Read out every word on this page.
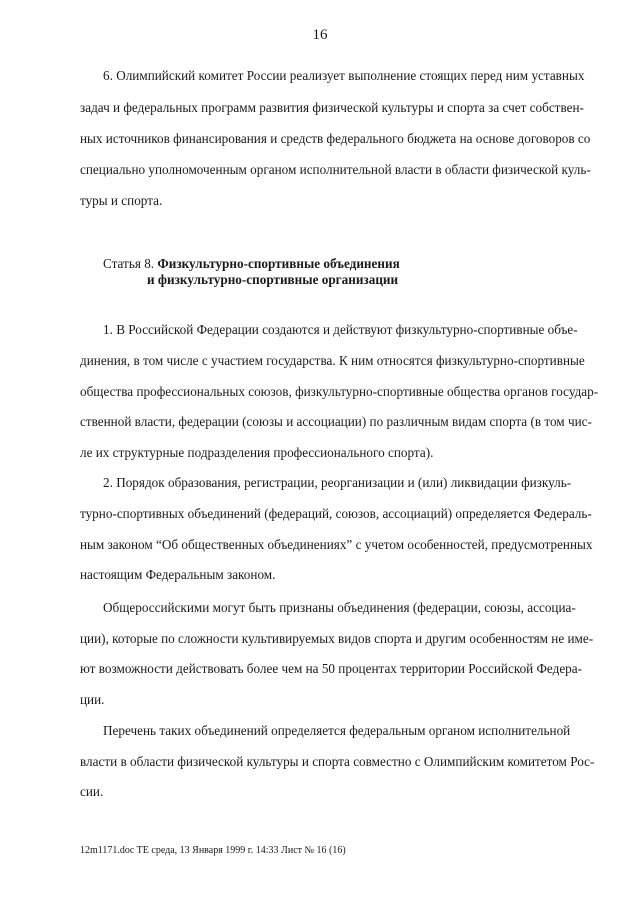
16
6. Олимпийский комитет России реализует выполнение стоящих перед ним уставных
задач и федеральных программ развития физической культуры и спорта за счет собствен-
ных источников финансирования и средств федерального бюджета на основе договоров со
специально уполномоченным органом исполнительной власти в области физической куль-
туры и спорта.
Статья 8. Физкультурно-спортивные объединения
и физкультурно-спортивные организации
1. В Российской Федерации создаются и действуют физкультурно-спортивные объе-
динения, в том числе с участием государства. К ним относятся физкультурно-спортивные
общества профессиональных союзов, физкультурно-спортивные общества органов государ-
ственной власти, федерации (союзы и ассоциации) по различным видам спорта (в том чис-
ле их структурные подразделения профессионального спорта).
2. Порядок образования, регистрации, реорганизации и (или) ликвидации физкуль-
турно-спортивных объединений (федераций, союзов, ассоциаций) определяется Федераль-
ным законом “Об общественных объединениях” с учетом особенностей, предусмотренных
настоящим Федеральным законом.
Общероссийскими могут быть признаны объединения (федерации, союзы, ассоциа-
ции), которые по сложности культивируемых видов спорта и другим особенностям не име-
ют возможности действовать более чем на 50 процентах территории Российской Федера-
ции.
Перечень таких объединений определяется федеральным органом исполнительной
власти в области физической культуры и спорта совместно с Олимпийским комитетом Рос-
сии.
12m1171.doc TE среда, 13 Января 1999 г. 14:33 Лист № 16 (16)
